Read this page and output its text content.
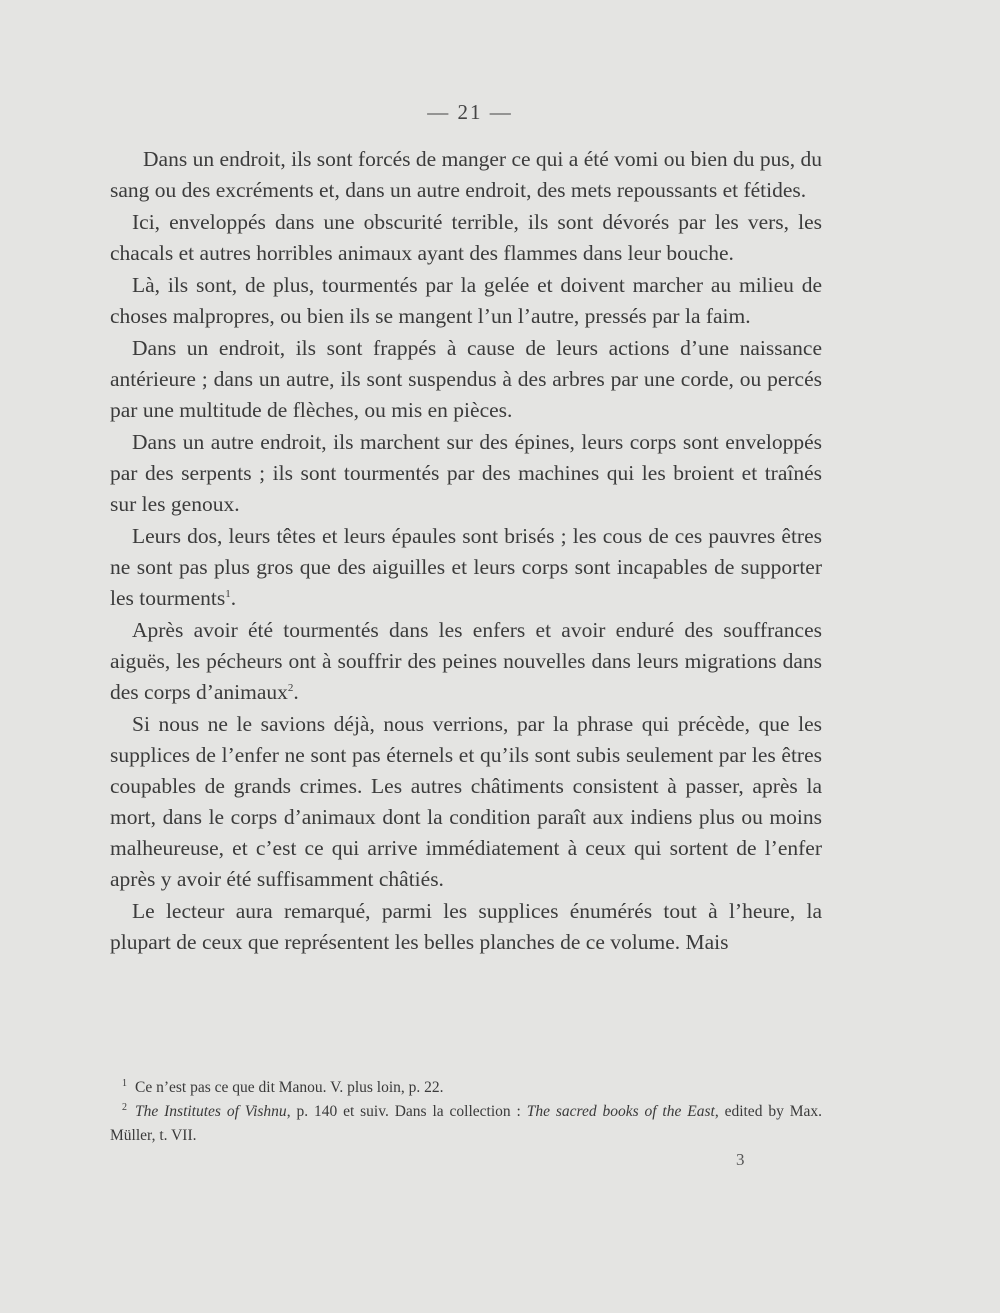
— 21 —

Dans un endroit, ils sont forcés de manger ce qui a été vomi ou bien du pus, du sang ou des excréments et, dans un autre endroit, des mets repoussants et fétides.

Ici, enveloppés dans une obscurité terrible, ils sont dévorés par les vers, les chacals et autres horribles animaux ayant des flammes dans leur bouche.

Là, ils sont, de plus, tourmentés par la gelée et doivent marcher au milieu de choses malpropres, ou bien ils se mangent l’un l’autre, pressés par la faim.

Dans un endroit, ils sont frappés à cause de leurs actions d’une naissance antérieure ; dans un autre, ils sont suspendus à des arbres par une corde, ou percés par une multitude de flèches, ou mis en pièces.

Dans un autre endroit, ils marchent sur des épines, leurs corps sont enveloppés par des serpents ; ils sont tourmentés par des machines qui les broient et traînés sur les genoux.

Leurs dos, leurs têtes et leurs épaules sont brisés ; les cous de ces pauvres êtres ne sont pas plus gros que des aiguilles et leurs corps sont incapables de supporter les tourments$^1$.

Après avoir été tourmentés dans les enfers et avoir enduré des souffrances aiguës, les pécheurs ont à souffrir des peines nouvelles dans leurs migrations dans des corps d’animaux$^2$.

Si nous ne le savions déjà, nous verrions, par la phrase qui précède, que les supplices de l’enfer ne sont pas éternels et qu’ils sont subis seulement par les êtres coupables de grands crimes. Les autres châtiments consistent à passer, après la mort, dans le corps d’animaux dont la condition paraît aux indiens plus ou moins malheureuse, et c’est ce qui arrive immédiatement à ceux qui sortent de l’enfer après y avoir été suffisamment châtiés.

Le lecteur aura remarqué, parmi les supplices énumérés tout à l’heure, la plupart de ceux que représentent les belles planches de ce volume. Mais

$^1$ Ce n’est pas ce que dit Manou. V. plus loin, p. 22.

$^2$ The Institutes of Vishnu, p. 140 et suiv. Dans la collection : The sacred books of the East, edited by Max. Müller, t. VII.

3
